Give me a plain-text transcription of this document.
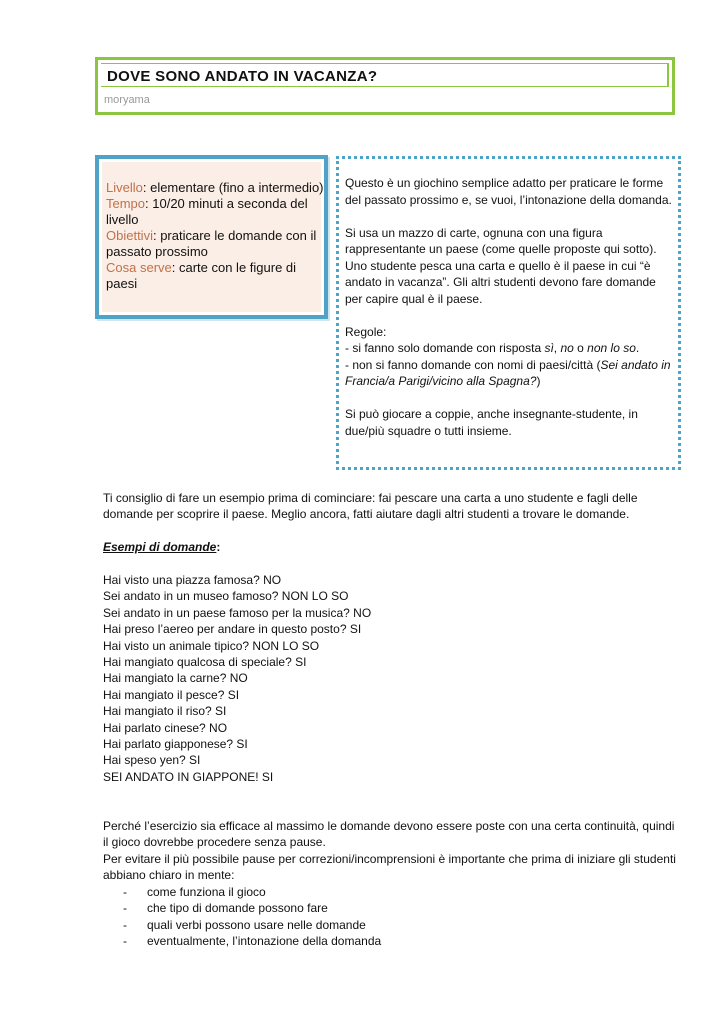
DOVE SONO ANDATO IN VACANZA?
moryama

Livello: elementare (fino a intermedio)

Tempo: 10/20 minuti a seconda del livello

Obiettivi: praticare le domande con il passato prossimo

Cosa serve: carte con le figure di paesi

Questo è un giochino semplice adatto per praticare le forme del passato prossimo e, se vuoi, l’intonazione della domanda.

Si usa un mazzo di carte, ognuna con una figura rappresentante un paese (come quelle proposte qui sotto). Uno studente pesca una carta e quello è il paese in cui “è andato in vacanza”. Gli altri studenti devono fare domande per capire qual è il paese.

Regole:
- si fanno solo domande con risposta sì, no o non lo so.
- non si fanno domande con nomi di paesi/città (Sei andato in Francia/a Parigi/vicino alla Spagna?)

Si può giocare a coppie, anche insegnante-studente, in due/più squadre o tutti insieme.

Ti consiglio di fare un esempio prima di cominciare: fai pescare una carta a uno studente e fagli delle domande per scoprire il paese. Meglio ancora, fatti aiutare dagli altri studenti a trovare le domande.

Esempi di domande:

Hai visto una piazza famosa? NO

Sei andato in un museo famoso? NON LO SO

Sei andato in un paese famoso per la musica? NO

Hai preso l’aereo per andare in questo posto? SI

Hai visto un animale tipico? NON LO SO

Hai mangiato qualcosa di speciale? SI

Hai mangiato la carne? NO

Hai mangiato il pesce? SI

Hai mangiato il riso? SI

Hai parlato cinese? NO

Hai parlato giapponese? SI

Hai speso yen? SI

SEI ANDATO IN GIAPPONE! SI

Perché l’esercizio sia efficace al massimo le domande devono essere poste con una certa continuità, quindi il gioco dovrebbe procedere senza pause.

Per evitare il più possibile pause per correzioni/incomprensioni è importante che prima di iniziare gli studenti abbiano chiaro in mente:

- come funziona il gioco
- che tipo di domande possono fare
- quali verbi possono usare nelle domande
- eventualmente, l’intonazione della domanda
